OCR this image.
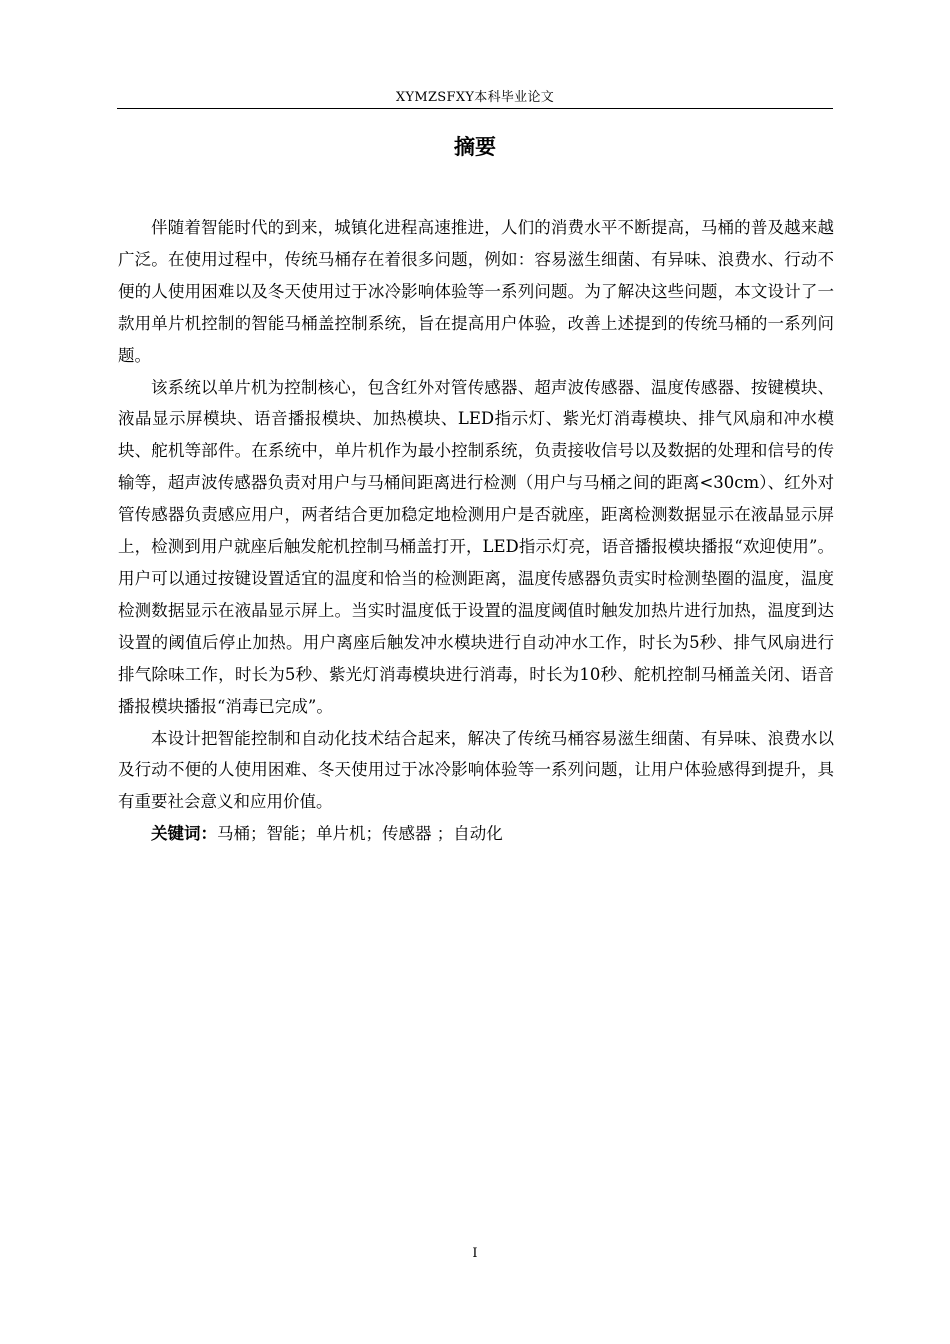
XYMZSFXY本科毕业论文
摘要

伴随着智能时代的到来，城镇化进程高速推进，人们的消费水平不断提高，马桶的普及越来越广泛。在使用过程中，传统马桶存在着很多问题，例如：容易滋生细菌、有异味、浪费水、行动不便的人使用困难以及冬天使用过于冰冷影响体验等一系列问题。为了解决这些问题，本文设计了一款用单片机控制的智能马桶盖控制系统，旨在提高用户体验，改善上述提到的传统马桶的一系列问题。

该系统以单片机为控制核心，包含红外对管传感器、超声波传感器、温度传感器、按键模块、液晶显示屏模块、语音播报模块、加热模块、LED指示灯、紫光灯消毒模块、排气风扇和冲水模块、舵机等部件。在系统中，单片机作为最小控制系统，负责接收信号以及数据的处理和信号的传输等，超声波传感器负责对用户与马桶间距离进行检测（用户与马桶之间的距离<30cm）、红外对管传感器负责感应用户，两者结合更加稳定地检测用户是否就座，距离检测数据显示在液晶显示屏上，检测到用户就座后触发舵机控制马桶盖打开，LED指示灯亮，语音播报模块播报“欢迎使用”。用户可以通过按键设置适宜的温度和恰当的检测距离，温度传感器负责实时检测垫圈的温度，温度检测数据显示在液晶显示屏上。当实时温度低于设置的温度阈值时触发加热片进行加热，温度到达设置的阈值后停止加热。用户离座后触发冲水模块进行自动冲水工作，时长为5秒、排气风扇进行排气除味工作，时长为5秒、紫光灯消毒模块进行消毒，时长为10秒、舵机控制马桶盖关闭、语音播报模块播报“消毒已完成”。

本设计把智能控制和自动化技术结合起来，解决了传统马桶容易滋生细菌、有异味、浪费水以及行动不便的人使用困难、冬天使用过于冰冷影响体验等一系列问题，让用户体验感得到提升，具有重要社会意义和应用价值。

关键词：马桶；智能；单片机；传感器 ；自动化

I
